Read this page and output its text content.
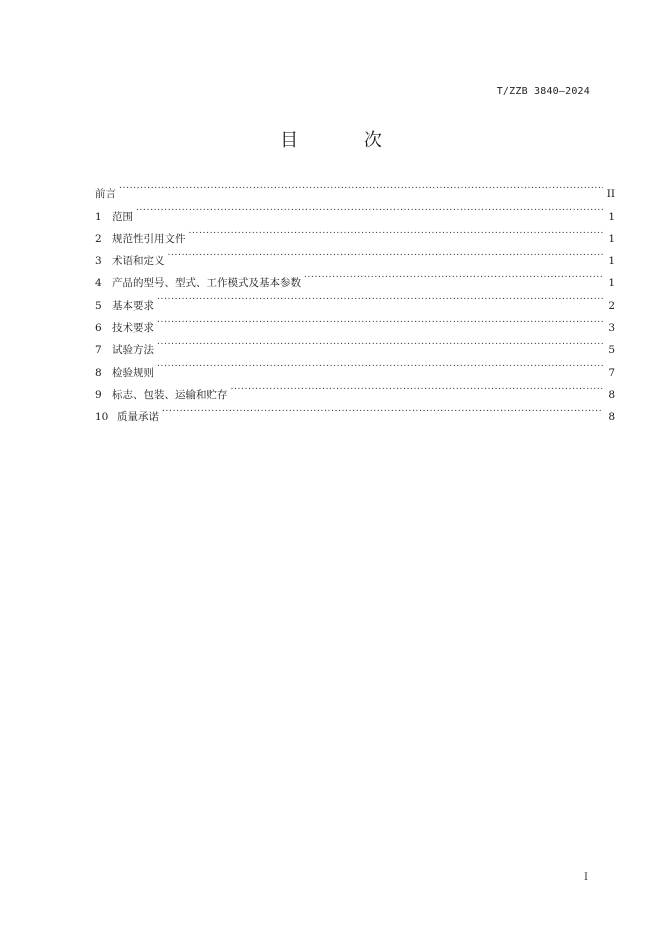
T/ZZB 3840—2024
目 次
前言 . . .	II
1 范围 . . .	1
2 规范性引用文件 . . .	1
3 术语和定义 . . .	1
4 产品的型号、型式、工作模式及基本参数 . . .	1
5 基本要求 . . .	2
6 技术要求 . . .	3
7 试验方法 . . .	5
8 检验规则 . . .	7
9 标志、包装、运输和贮存 . . .	8
10 质量承诺 . . .	8
I
